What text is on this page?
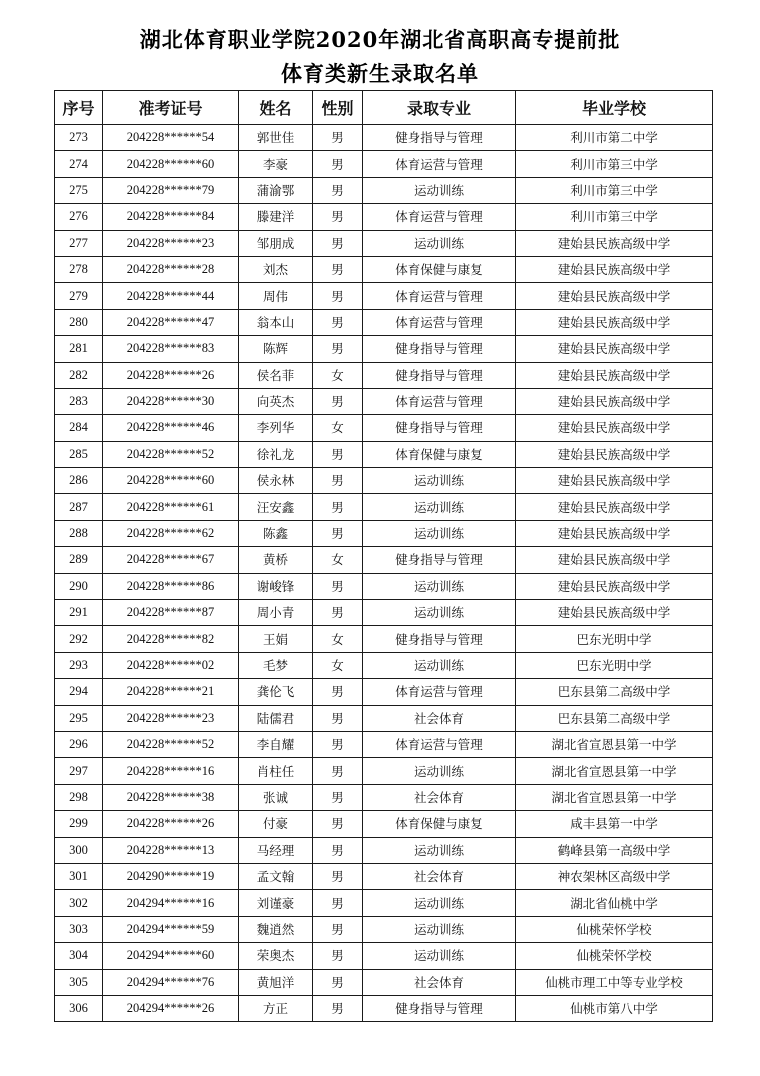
湖北体育职业学院2020年湖北省高职高专提前批
体育类新生录取名单
序号	准考证号	姓名	性别	录取专业	毕业学校
273	204228******54	郭世佳	男	健身指导与管理	利川市第二中学
274	204228******60	李豪	男	体育运营与管理	利川市第三中学
275	204228******79	蒲渝鄂	男	运动训练	利川市第三中学
276	204228******84	滕建洋	男	体育运营与管理	利川市第三中学
277	204228******23	邹朋成	男	运动训练	建始县民族高级中学
278	204228******28	刘杰	男	体育保健与康复	建始县民族高级中学
279	204228******44	周伟	男	体育运营与管理	建始县民族高级中学
280	204228******47	翁本山	男	体育运营与管理	建始县民族高级中学
281	204228******83	陈辉	男	健身指导与管理	建始县民族高级中学
282	204228******26	侯名菲	女	健身指导与管理	建始县民族高级中学
283	204228******30	向英杰	男	体育运营与管理	建始县民族高级中学
284	204228******46	李列华	女	健身指导与管理	建始县民族高级中学
285	204228******52	徐礼龙	男	体育保健与康复	建始县民族高级中学
286	204228******60	侯永林	男	运动训练	建始县民族高级中学
287	204228******61	汪安鑫	男	运动训练	建始县民族高级中学
288	204228******62	陈鑫	男	运动训练	建始县民族高级中学
289	204228******67	黄桥	女	健身指导与管理	建始县民族高级中学
290	204228******86	谢峻锋	男	运动训练	建始县民族高级中学
291	204228******87	周小青	男	运动训练	建始县民族高级中学
292	204228******82	王娟	女	健身指导与管理	巴东光明中学
293	204228******02	毛梦	女	运动训练	巴东光明中学
294	204228******21	龚伦飞	男	体育运营与管理	巴东县第二高级中学
295	204228******23	陆儒君	男	社会体育	巴东县第二高级中学
296	204228******52	李自耀	男	体育运营与管理	湖北省宣恩县第一中学
297	204228******16	肖柱任	男	运动训练	湖北省宣恩县第一中学
298	204228******38	张诚	男	社会体育	湖北省宣恩县第一中学
299	204228******26	付豪	男	体育保健与康复	咸丰县第一中学
300	204228******13	马经理	男	运动训练	鹤峰县第一高级中学
301	204290******19	孟文翰	男	社会体育	神农架林区高级中学
302	204294******16	刘谨豪	男	运动训练	湖北省仙桃中学
303	204294******59	魏逍然	男	运动训练	仙桃荣怀学校
304	204294******60	荣奥杰	男	运动训练	仙桃荣怀学校
305	204294******76	黄旭洋	男	社会体育	仙桃市理工中等专业学校
306	204294******26	方正	男	健身指导与管理	仙桃市第八中学
